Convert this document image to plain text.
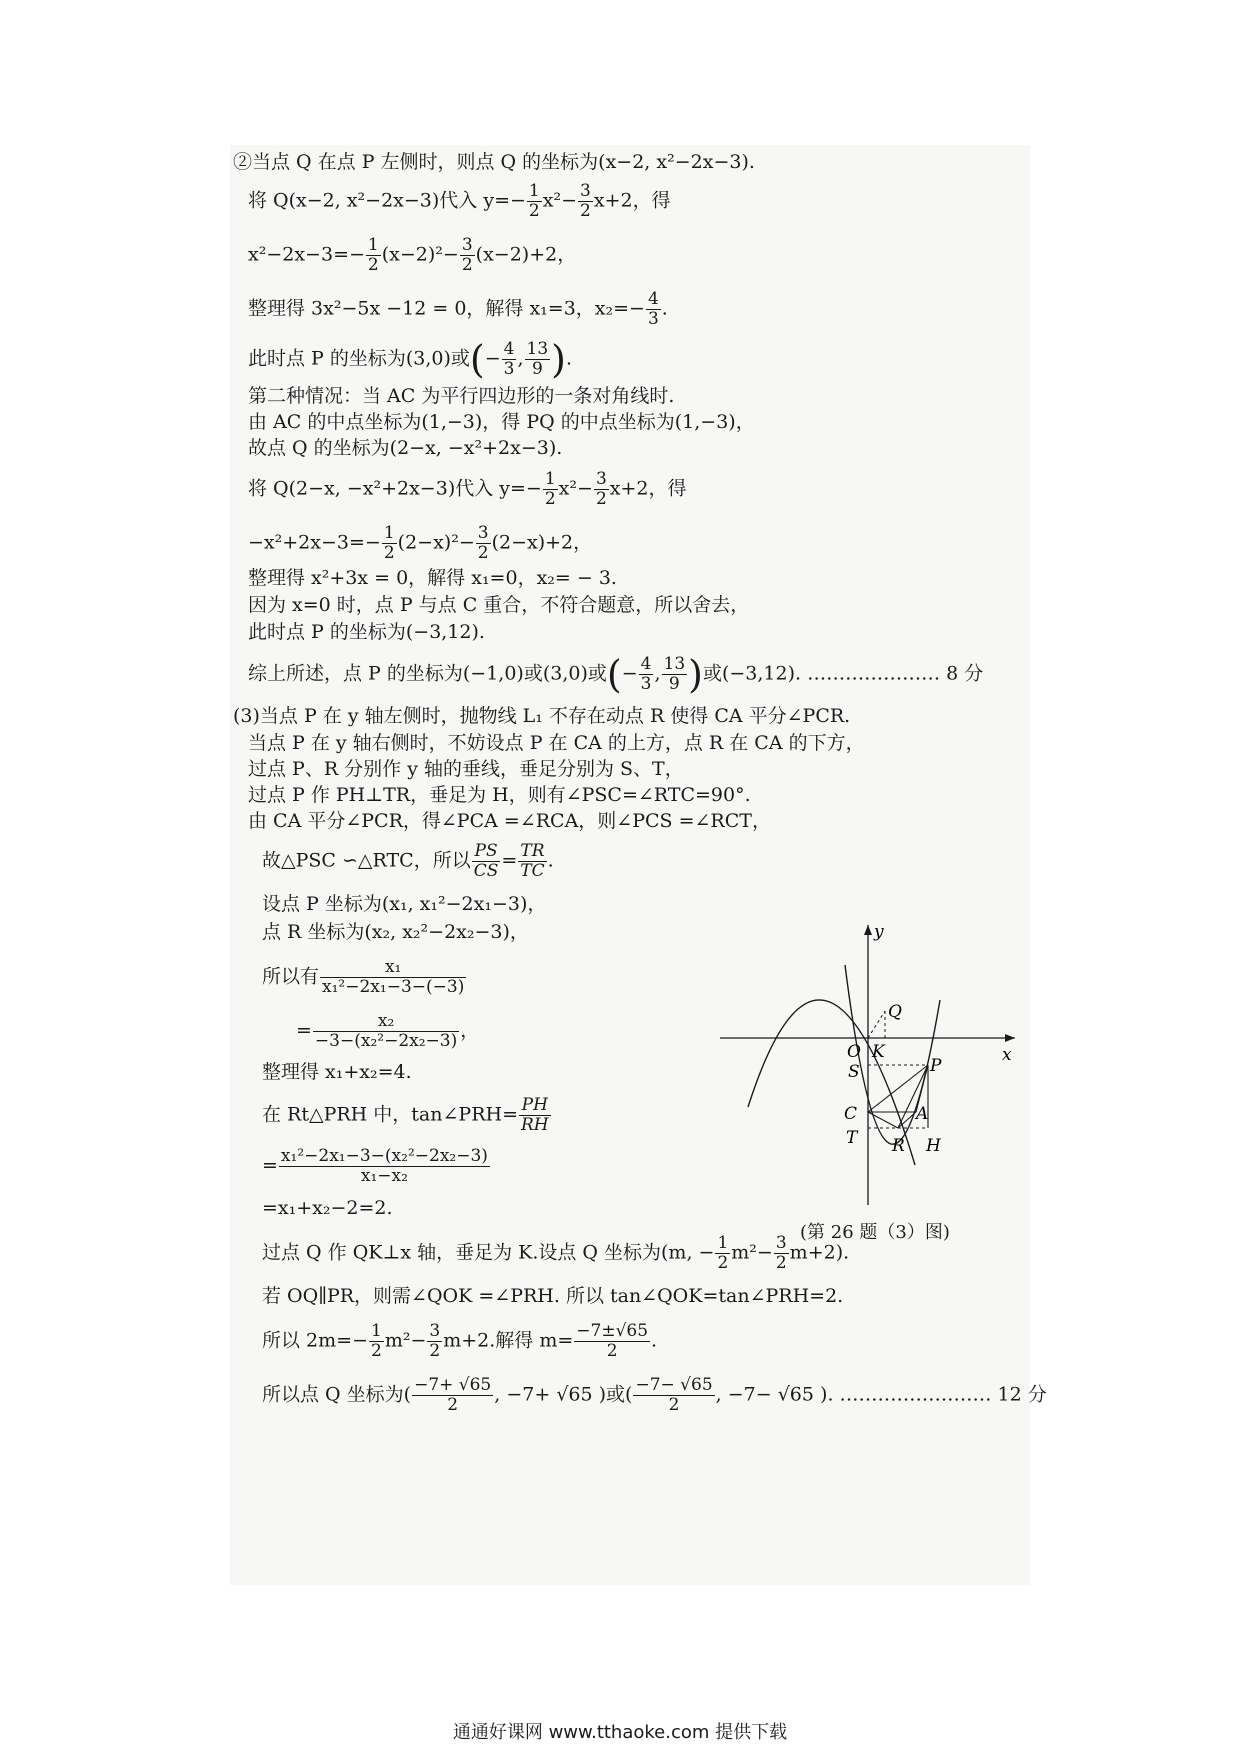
②当点 Q 在点 P 左侧时，则点 Q 的坐标为(x−2, x²−2x−3).
将 Q(x−2, x²−2x−3)代入 $y=- \frac{1}{2} x^2- \frac{3}{2} x+2$，得
$x^2-2x-3=- \frac{1}{2} (x-2)^2- \frac{3}{2} (x-2)+2$，
整理得 3x²−5x −12 = 0，解得 x₁=3，$x_2=- \frac{4}{3}$ .
此时点 P 的坐标为(3,0)或(− $\frac{4}{3}$ , $\frac{13}{9}$ ).
第二种情况：当 AC 为平行四边形的一条对角线时.
由 AC 的中点坐标为(1,−3)，得 PQ 的中点坐标为(1,−3)，
故点 Q 的坐标为(2−x, −x²+2x−3).
将 Q(2−x, −x²+2x−3)代入 $y=- \frac{1}{2} x^2- \frac{3}{2} x+2$，得
$-x^2+2x-3=- \frac{1}{2} (2-x)^2- \frac{3}{2} (2-x)+2$，
整理得 x²+3x = 0，解得 x₁=0，x₂= − 3.
因为 x=0 时，点 P 与点 C 重合，不符合题意，所以舍去，
此时点 P 的坐标为(−3,12).
综上所述，点 P 的坐标为(−1,0)或(3,0)或(− $\frac{4}{3}$ , $\frac{13}{9}$ )或(−3,12). ………………… 8 分
(3)当点 P 在 y 轴左侧时，抛物线 L₁ 不存在动点 R 使得 CA 平分∠PCR.
当点 P 在 y 轴右侧时，不妨设点 P 在 CA 的上方，点 R 在 CA 的下方，
过点 P、R 分别作 y 轴的垂线，垂足分别为 S、T，
过点 P 作 PH⊥TR，垂足为 H，则有∠PSC=∠RTC=90°.
由 CA 平分∠PCR，得∠PCA =∠RCA，则∠PCS =∠RCT，
故△PSC ∽△RTC，所以 $\frac{PS}{CS} = \frac{TR}{TC}$ .
设点 P 坐标为(x₁, x₁²−2x₁−3)，
点 R 坐标为(x₂, x₂²−2x₂−3)，
所以有 $\frac{\text{x₁}}{\text{x₁²−2x₁−3−(−3)}}$
= $\frac{\text{x₂}}{\text{−3−(x₂²−2x₂−3)}}$ ，
整理得 x₁+x₂=4.
在 Rt△PRH 中，tan∠PRH= $\frac{PH}{RH}$
= $\frac{\text{x₁²−2x₁−3−(x₂²−2x₂−3)}}{\text{x₁−x₂}}$
=x₁+x₂−2=2.
过点 Q 作 QK⊥x 轴，垂足为 K.设点 Q 坐标为(m, − $\frac{1}{2} m^2- \frac{3}{2} m+2$).
若 OQ∥PR，则需∠QOK =∠PRH. 所以 tan∠QOK=tan∠PRH=2.
所以 $2m=- \frac{1}{2} m^2- \frac{3}{2} m+2$.解得 $m= \frac{-7\pm√65}{2}$ .
所以点 Q 坐标为( $\frac{-7+ √65}{2}$ , −7+ √65 )或( $\frac{-7- √65}{2}$ , −7− √65 ). …………………… 12 分
y
x
O K
Q
S	P
C	A
T R H
(第 26 题（3）图)
通通好课网 www.tthaoke.com 提供下载
